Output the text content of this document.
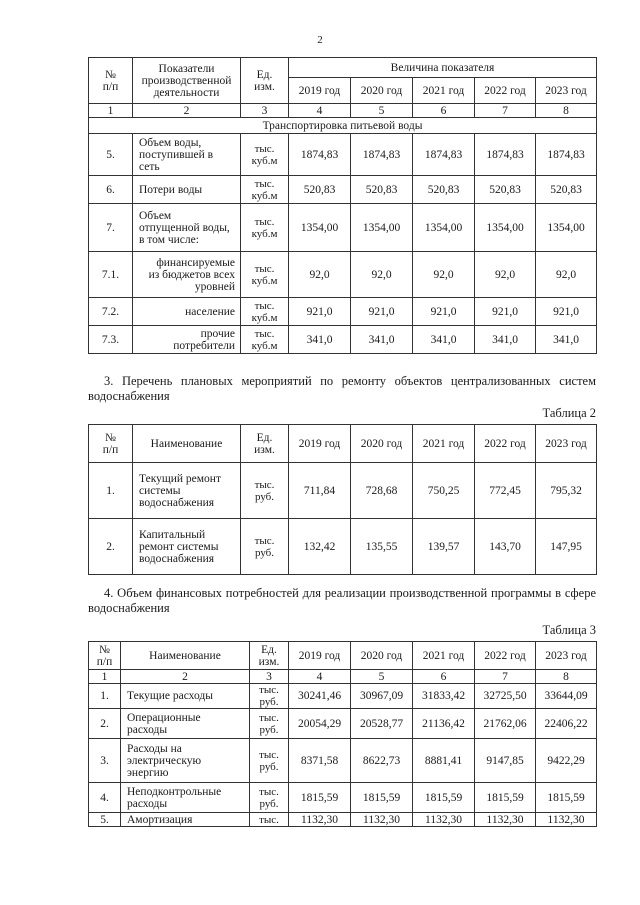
2
№
п/п	Показатели
производственной
деятельности	Ед.
изм.	Величина показателя				
			2019 год	2020 год	2021 год	2022 год	2023 год
1	2	3	4	5	6	7	8
Транспортировка питьевой воды							
5.	Объем воды,
поступившей в
сеть	тыс.
куб.м	1874,83	1874,83	1874,83	1874,83	1874,83
6.	Потери воды	тыс.
куб.м	520,83	520,83	520,83	520,83	520,83
7.	Объем
отпущенной воды,
в том числе:	тыс.
куб.м	1354,00	1354,00	1354,00	1354,00	1354,00
7.1.	финансируемые
из бюджетов всех
уровней	тыс.
куб.м	92,0	92,0	92,0	92,0	92,0
7.2.	население	тыс.
куб.м	921,0	921,0	921,0	921,0	921,0
7.3.	прочие
потребители	тыс.
куб.м	341,0	341,0	341,0	341,0	341,0
3. Перечень плановых мероприятий по ремонту объектов централизованных систем водоснабжения
Таблица 2
№
п/п	Наименование	Ед.
изм.	2019 год	2020 год	2021 год	2022 год	2023 год
1.	Текущий ремонт
системы
водоснабжения	тыс.
руб.	711,84	728,68	750,25	772,45	795,32
2.	Капитальный
ремонт системы
водоснабжения	тыс.
руб.	132,42	135,55	139,57	143,70	147,95
4. Объем финансовых потребностей для реализации производственной программы в сфере водоснабжения
Таблица 3
№
п/п	Наименование	Ед.
изм.	2019 год	2020 год	2021 год	2022 год	2023 год
1	2	3	4	5	6	7	8
1.	Текущие расходы	тыс.
руб.	30241,46	30967,09	31833,42	32725,50	33644,09
2.	Операционные
расходы	тыс.
руб.	20054,29	20528,77	21136,42	21762,06	22406,22
3.	Расходы на
электрическую
энергию	тыс.
руб.	8371,58	8622,73	8881,41	9147,85	9422,29
4.	Неподконтрольные
расходы	тыс.
руб.	1815,59	1815,59	1815,59	1815,59	1815,59
5.	Амортизация	тыс.	1132,30	1132,30	1132,30	1132,30	1132,30
